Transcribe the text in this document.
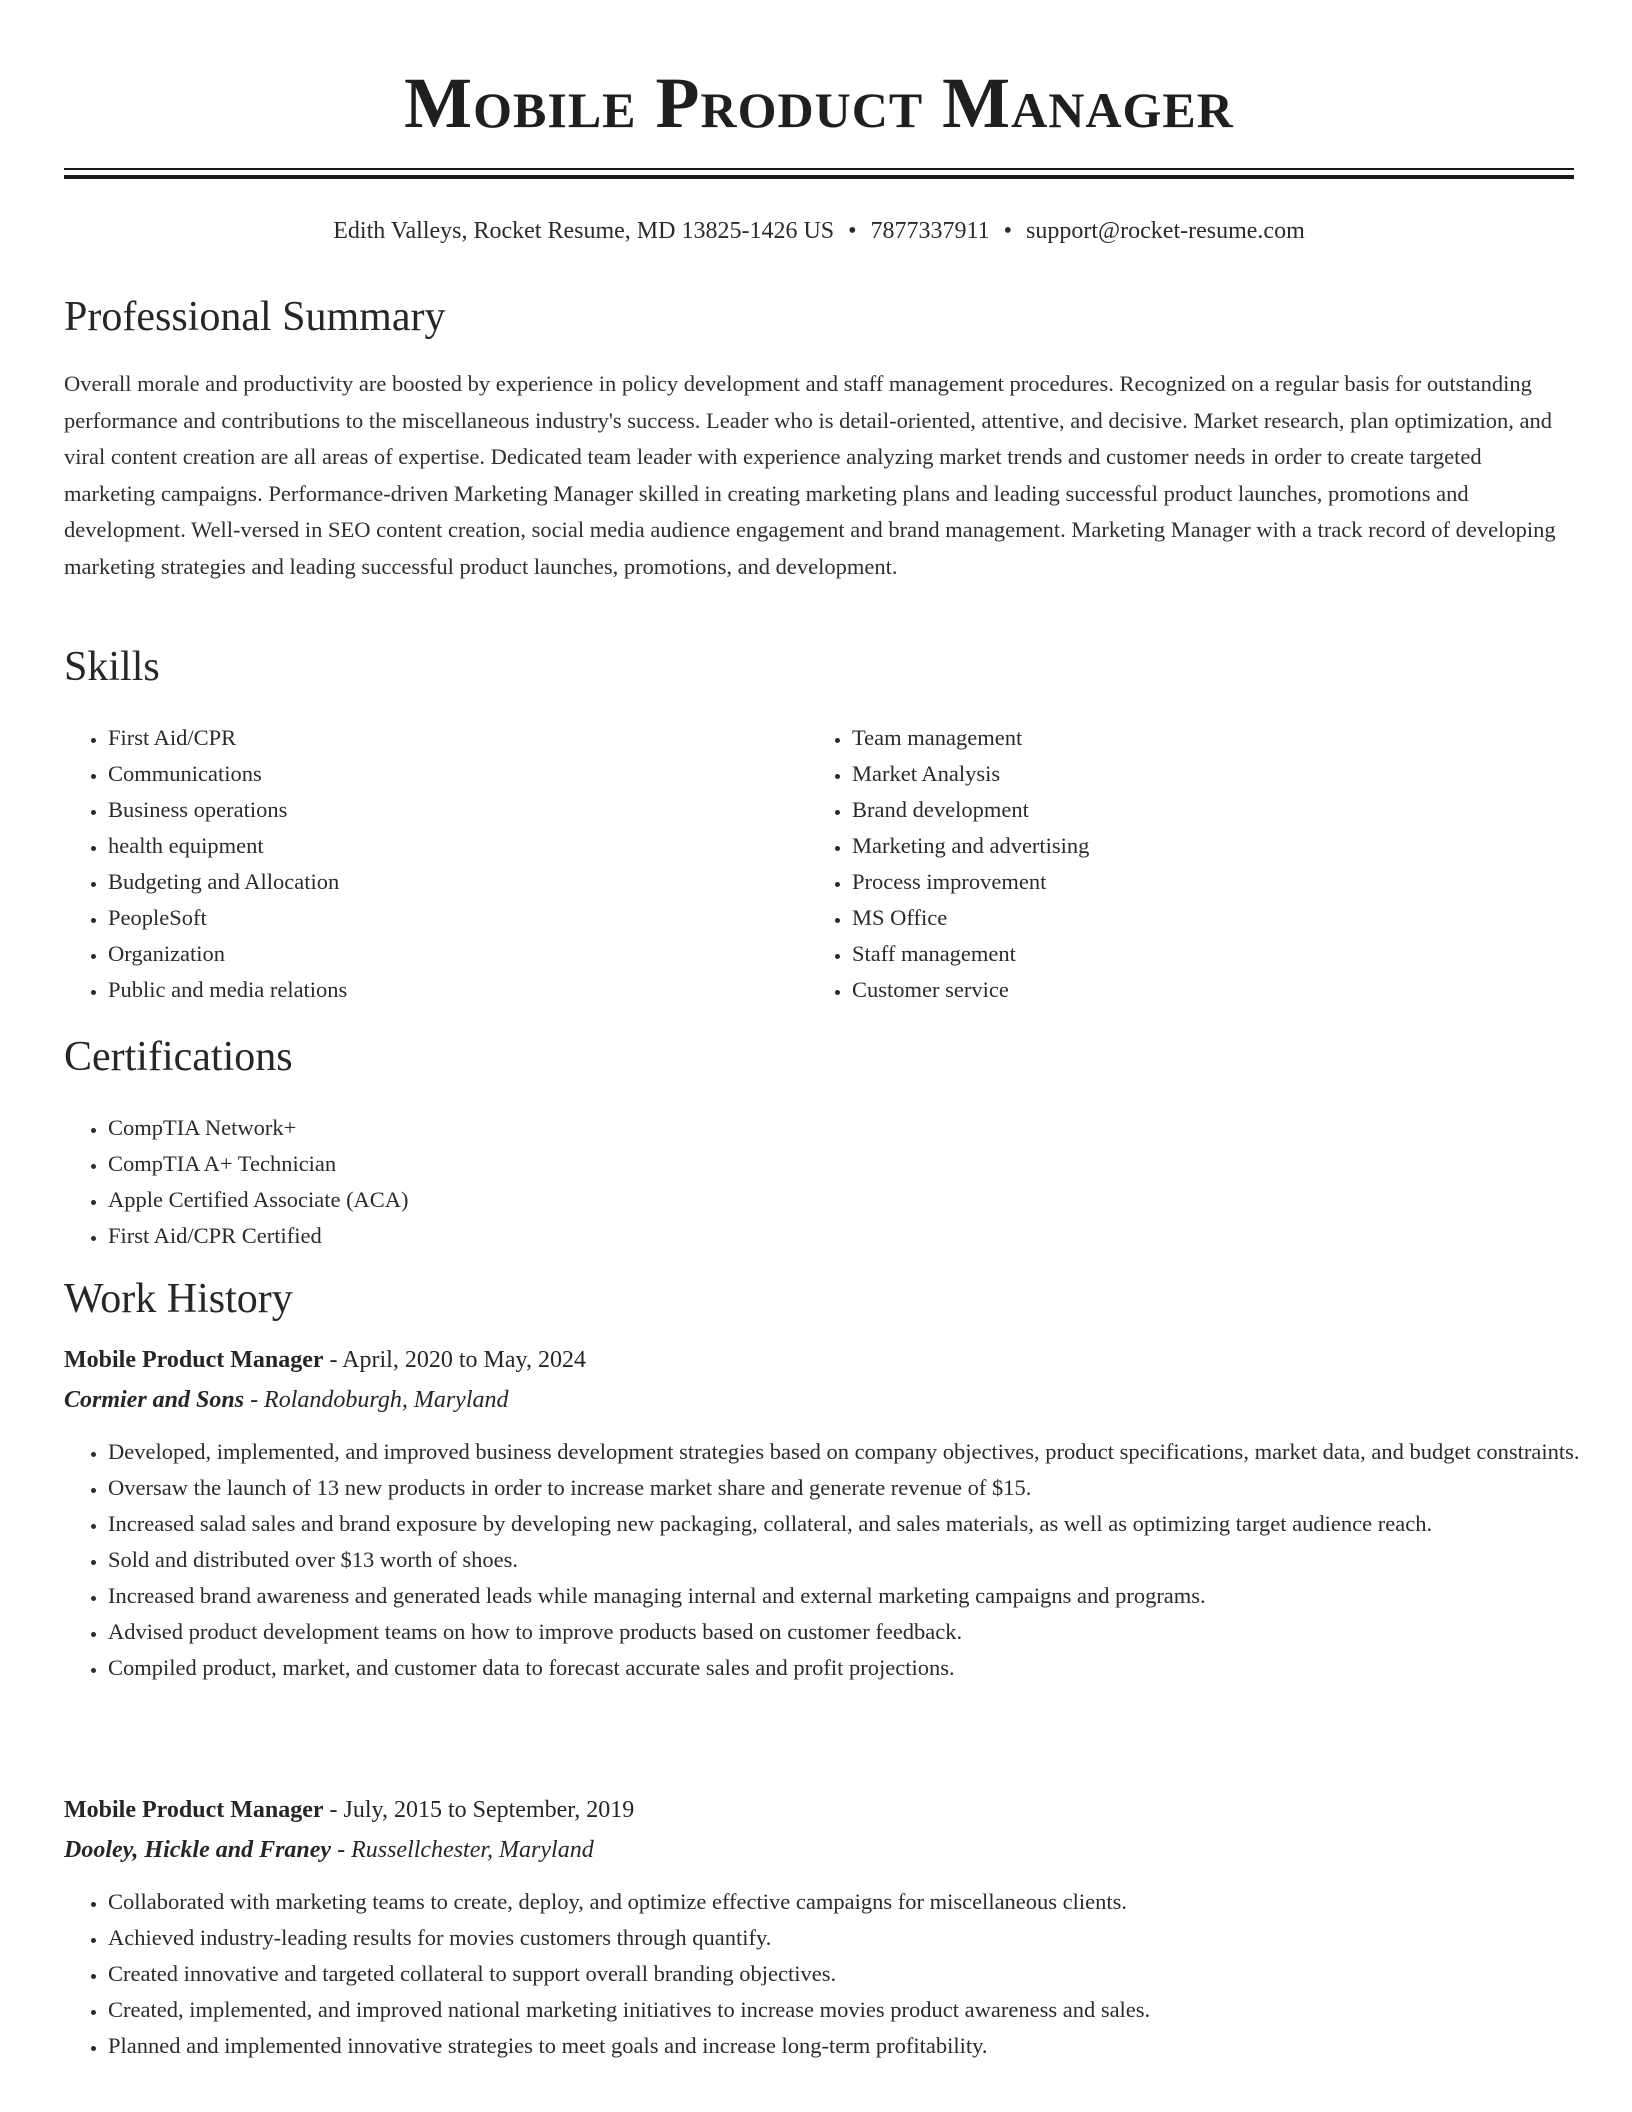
Mobile Product Manager
Edith Valleys, Rocket Resume, MD 13825-1426 US • 7877337911 • support@rocket-resume.com
Professional Summary

Overall morale and productivity are boosted by experience in policy development and staff management procedures. Recognized on a regular basis for outstanding performance and contributions to the miscellaneous industry's success. Leader who is detail-oriented, attentive, and decisive. Market research, plan optimization, and viral content creation are all areas of expertise. Dedicated team leader with experience analyzing market trends and customer needs in order to create targeted marketing campaigns. Performance-driven Marketing Manager skilled in creating marketing plans and leading successful product launches, promotions and development. Well-versed in SEO content creation, social media audience engagement and brand management. Marketing Manager with a track record of developing marketing strategies and leading successful product launches, promotions, and development.

Skills
• First Aid/CPR
• Communications
• Business operations
• health equipment
• Budgeting and Allocation
• PeopleSoft
• Organization
• Public and media relations
• Team management
• Market Analysis
• Brand development
• Marketing and advertising
• Process improvement
• MS Office
• Staff management
• Customer service
Certifications
• CompTIA Network+
• CompTIA A+ Technician
• Apple Certified Associate (ACA)
• First Aid/CPR Certified
Work History
Mobile Product Manager - April, 2020 to May, 2024
Cormier and Sons - Rolandoburgh, Maryland
• Developed, implemented, and improved business development strategies based on company objectives, product specifications, market data, and budget constraints.
• Oversaw the launch of 13 new products in order to increase market share and generate revenue of $15.
• Increased salad sales and brand exposure by developing new packaging, collateral, and sales materials, as well as optimizing target audience reach.
• Sold and distributed over $13 worth of shoes.
• Increased brand awareness and generated leads while managing internal and external marketing campaigns and programs.
• Advised product development teams on how to improve products based on customer feedback.
• Compiled product, market, and customer data to forecast accurate sales and profit projections.
Mobile Product Manager - July, 2015 to September, 2019
Dooley, Hickle and Franey - Russellchester, Maryland
• Collaborated with marketing teams to create, deploy, and optimize effective campaigns for miscellaneous clients.
• Achieved industry-leading results for movies customers through quantify.
• Created innovative and targeted collateral to support overall branding objectives.
• Created, implemented, and improved national marketing initiatives to increase movies product awareness and sales.
• Planned and implemented innovative strategies to meet goals and increase long-term profitability.
